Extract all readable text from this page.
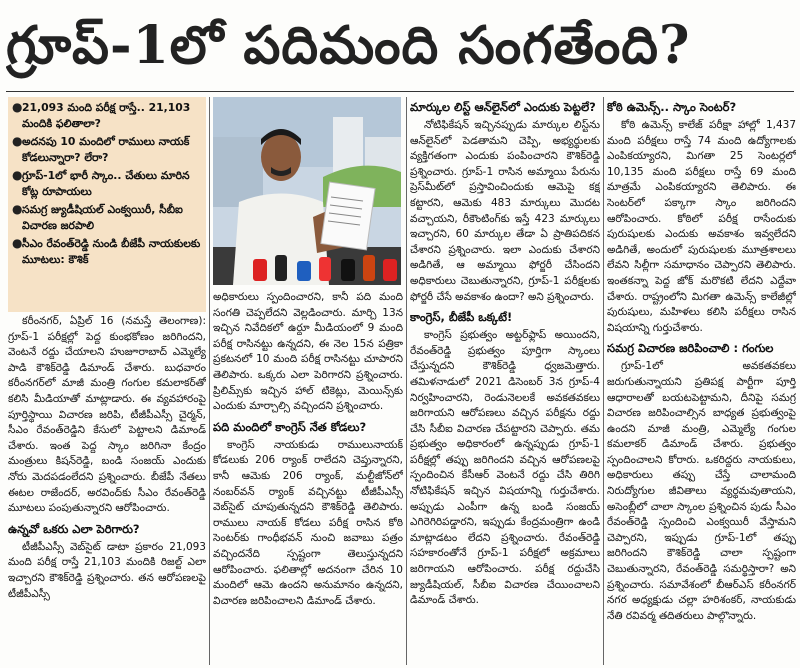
గ్రూప్-1లో పదిమంది సంగతేంది?
● 21,093 మంది పరీక్ష రాస్తే.. 21,103 మందికి ఫలితాలా?
● అదనపు 10 మందిలో రాములు నాయక్ కోడలున్నారా? లేరా?
● గ్రూప్-1లో భారీ స్కాం.. చేతులు మారిన కోట్ల రూపాయలు
● సమగ్ర జ్యుడీషియల్ ఎంక్వయిరీ, సీబీఐ విచారణ జరపాలి
● సీఎం రేవంత్‌రెడ్డి నుండి బీజేపీ నాయకులకు మూటలు: కౌశిక్

కరీంనగర్, ఏప్రిల్ 16 (నమస్తే తెలంగాణ): గ్రూప్-1 పరీక్షల్లో పెద్ద కుంభకోణం జరిగిందని, వెంటనే రద్దు చేయాలని హుజూరాబాద్ ఎమ్మెల్యే పాడి కౌశిక్‌రెడ్డి డిమాండ్ చేశారు. బుధవారం కరీంనగర్‌లో మాజీ మంత్రి గంగుల కమలాకర్‌తో కలిసి మీడియాతో మాట్లాడారు. ఈ వ్యవహారంపై పూర్తిస్థాయి విచారణ జరిపి, టీజీపీఎస్సీ చైర్మన్, సీఎం రేవంత్‌రెడ్డిని కేసులో పెట్టాలని డిమాండ్ చేశారు. ఇంత పెద్ద స్కాం జరిగినా కేంద్రం మంత్రులు కిషన్‌రెడ్డి, బండి సంజయ్ ఎందుకు నోరు మెదపడంలేదని ప్రశ్నించారు. బీజేపీ నేతలు ఈటల రాజేందర్, అరవింద్‌కు సీఎం రేవంత్‌రెడ్డి మూటలు పంపుతున్నారని ఆరోపించారు.

ఉన్నవో ఒకరు ఎలా పెరిగారు?

టీజీపీఎస్సీ వెబ్‌సైట్ డాటా ప్రకారం 21,093 మంది పరీక్ష రాస్తే 21,103 మందికి రిజల్ట్ ఎలా ఇచ్చారని కౌశిక్‌రెడ్డి ప్రశ్నించారు. తన ఆరోపణలపై టీజీపీఎస్సీ

అధికారులు స్పందించారని, కానీ పది మంది సంగతి చెప్పలేదని వెల్లడించారు. మార్చి 13న ఇచ్చిన నివేదికలో ఉర్దూ మీడియంలో 9 మంది పరీక్ష రాసినట్టు ఉన్నదని, ఈ నెల 15న పత్రికా ప్రకటనలో 10 మంది పరీక్ష రాసినట్టు చూపారని తెలిపారు. ఒక్కరు ఎలా పెరిగారని ప్రశ్నించారు. ప్రిలిమ్స్‌కు ఇచ్చిన హాల్ టికెట్లు, మెయిన్స్‌కు ఎందుకు మార్చాల్సి వచ్చిందని ప్రశ్నించారు.

పది మందిలో కాంగ్రెస్ నేత కోడలు?

కాంగ్రెస్ నాయకుడు రాములునాయక్ కోడలుకు 206 ర్యాంక్ రాలేదని చెప్తున్నారని, కానీ ఆమెకు 206 ర్యాంక్, మల్టీజోన్‌లో నంబర్‌వన్ ర్యాంక్ వచ్చినట్టు టీజీపీఎస్సీ వెబ్‌సైట్ చూపుతున్నదని కౌశిక్‌రెడ్డి తెలిపారు. రాములు నాయక్ కోడలు పరీక్ష రాసిన కోఠి సెంటర్‌కు గాంధీభవన్ నుంచి జవాబు పత్రం వచ్చిందనేది స్పష్టంగా తెలుస్తున్నదని ఆరోపించారు. ఫలితాల్లో అదనంగా చేరిన 10 మందిలో ఆమె ఉందని అనుమానం ఉన్నదని, విచారణ జరిపించాలని డిమాండ్ చేశారు.

మార్కుల లిస్ట్ ఆన్‌లైన్‌లో ఎందుకు పెట్టలే?

నోటిఫికేషన్ ఇచ్చినప్పుడు మార్కుల లిస్ట్‌ను ఆన్‌లైన్‌లో పెడతామని చెప్పి, అభ్యర్థులకు వ్యక్తిగతంగా ఎందుకు పంపించారని కౌశిక్‌రెడ్డి ప్రశ్నించారు. గ్రూప్-1 రాసిన అమ్మాయి పేరును ప్రెస్‌మీట్‌లో ప్రస్తావించిందుకు ఆమెపై కక్ష కట్టారని, ఆమెకు 483 మార్కులు మొదట వచ్చాయని, రీకౌంటింగ్‌కు ఇస్తే 423 మార్కులు ఇచ్చారని, 60 మార్కుల తేడా ఏ ప్రాతిపదికన చేశారని ప్రశ్నించారు. ఇలా ఎందుకు చేశారని అడిగితే, ఆ అమ్మాయి ఫోర్జరీ చేసిందని అధికారులు చెబుతున్నారని, గ్రూప్-1 పరీక్షలకు ఫోర్జరీ చేసే అవకాశం ఉందా? అని ప్రశ్నించారు.

కాంగ్రెస్, బీజేపీ ఒక్కటే!

కాంగ్రెస్ ప్రభుత్వం అట్టర్‌ఫ్లాప్ అయిందని, రేవంత్‌రెడ్డి ప్రభుత్వం పూర్తిగా స్కాంలు చేస్తున్నదని కౌశిక్‌రెడ్డి ధ్వజమెత్తారు. తమిళనాడులో 2021 డిసెంబర్ 3న గ్రూప్-4 నిర్వహించారని, రెండునెలలకే అవకతవకలు జరిగాయని ఆరోపణలు వచ్చిన పరీక్షను రద్దు చేసి సీబీఐ విచారణ చేపట్టారని చెప్పారు. తమ ప్రభుత్వం అధికారంలో ఉన్నప్పుడు గ్రూప్-1 పరీక్షల్లో తప్పు జరిగిందని వచ్చిన ఆరోపణలపై స్పందించిన కేసీఆర్ వెంటనే రద్దు చేసి తిరిగి నోటిఫికేషన్ ఇచ్చిన విషయాన్ని గుర్తుచేశారు. అప్పుడు ఎంపీగా ఉన్న బండి సంజయ్ ఎగిరెగిరిపడ్డారని, ఇప్పుడు కేంద్రమంత్రిగా ఉండి మాట్లాడటం లేదని ప్రశ్నించారు. రేవంత్‌రెడ్డి సహకారంతోనే గ్రూప్-1 పరీక్షలో అక్రమాలు జరిగాయని ఆరోపించారు. పరీక్ష రద్దుచేసి జ్యుడీషియల్, సీబీఐ విచారణ చేయించాలని డిమాండ్ చేశారు.

కోఠి ఉమెన్స్.. స్కాం సెంటర్?

కోఠి ఉమెన్స్ కాలేజ్ పరీక్షా హాల్లో 1,437 మంది పరీక్షలు రాస్తే 74 మంది ఉద్యోగాలకు ఎంపికయ్యారని, మిగతా 25 సెంటర్లలో 10,135 మంది పరీక్షలు రాస్తే 69 మంది మాత్రమే ఎంపికయ్యారని తెలిపారు. ఈ సెంటర్‌లో పక్కాగా స్కాం జరిగిందని ఆరోపించారు. కోఠిలో పరీక్ష రాసేందుకు పురుషులకు ఎందుకు అవకాశం ఇవ్వలేదని అడిగితే, అందులో పురుషులకు మూత్రశాలలు లేవని సిల్లీగా సమాధానం చెప్పారని తెలిపారు. ఇంతకన్నా పెద్ద జోక్ మరొకటి లేదని ఎద్దేవా చేశారు. రాష్ట్రంలోని మిగతా ఉమెన్స్ కాలేజీల్లో పురుషులు, మహిళలు కలిసి పరీక్షలు రాసిన విషయాన్ని గుర్తుచేశారు.

సమగ్ర విచారణ జరిపించాలి : గంగుల

గ్రూప్-1లో అవకతవకలు జరుగుతున్నాయని ప్రతిపక్ష పార్టీగా పూర్తి ఆధారాలతో బయటపెట్టామని, దీనిపై సమగ్ర విచారణ జరిపించాల్సిన బాధ్యత ప్రభుత్వంపై ఉందని మాజీ మంత్రి, ఎమ్మెల్యే గంగుల కమలాకర్ డిమాండ్ చేశారు. ప్రభుత్వం స్పందించాలని కోరారు. ఒకరిద్దరు నాయకులు, అధికారులు తప్పు చేస్తే చాలామంది నిరుద్యోగుల జీవితాలు వ్యర్థమవుతాయని, అసెంబ్లీలో చాలా స్కాంల ప్రశ్నించిన పుడు సీఎం రేవంత్‌రెడ్డి స్పందించి ఎంక్వయిరీ వేస్తామని చెప్పారని, ఇప్పుడు గ్రూప్-1లో తప్పు జరిగిందని కౌశిక్‌రెడ్డి చాలా స్పష్టంగా చెబుతున్నారని, రేవంత్‌రెడ్డి సమర్థిస్తారా? అని ప్రశ్నించారు. సమావేశంలో బీఆర్‌ఎస్ కరీంనగర్ నగర అధ్యక్షుడు చల్లా హరిశంకర్, నాయకుడు నేతి రవివర్మ తదితరులు పాల్గొన్నారు.
